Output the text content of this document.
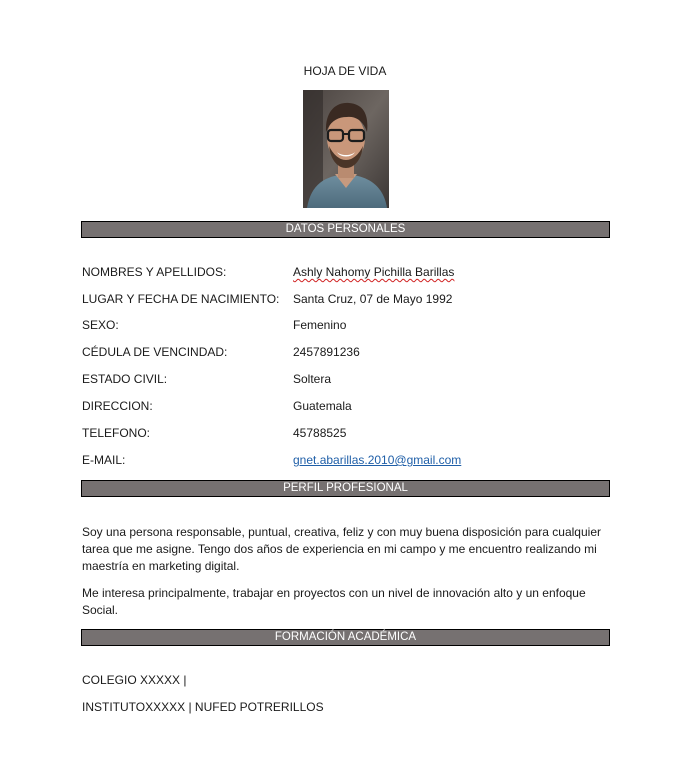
HOJA DE VIDA
DATOS PERSONALES
NOMBRES Y APELLIDOS:	Ashly Nahomy Pichilla Barillas
LUGAR Y FECHA DE NACIMIENTO: Santa Cruz, 07 de Mayo 1992
SEXO:	Femenino
CÉDULA DE VENCINDAD:	2457891236
ESTADO CIVIL:	Soltera
DIRECCION:	Guatemala
TELEFONO:	45788525
E-MAIL:	gnet.abarillas.2010@gmail.com
PERFIL PROFESIONAL

Soy una persona responsable, puntual, creativa, feliz y con muy buena disposición para cualquier tarea que me asigne. Tengo dos años de experiencia en mi campo y me encuentro realizando mi maestría en marketing digital.

Me interesa principalmente, trabajar en proyectos con un nivel de innovación alto y un enfoque Social.

FORMACIÓN ACADÉMICA
COLEGIO XXXXX |
INSTITUTOXXXXX | NUFED POTRERILLOS
